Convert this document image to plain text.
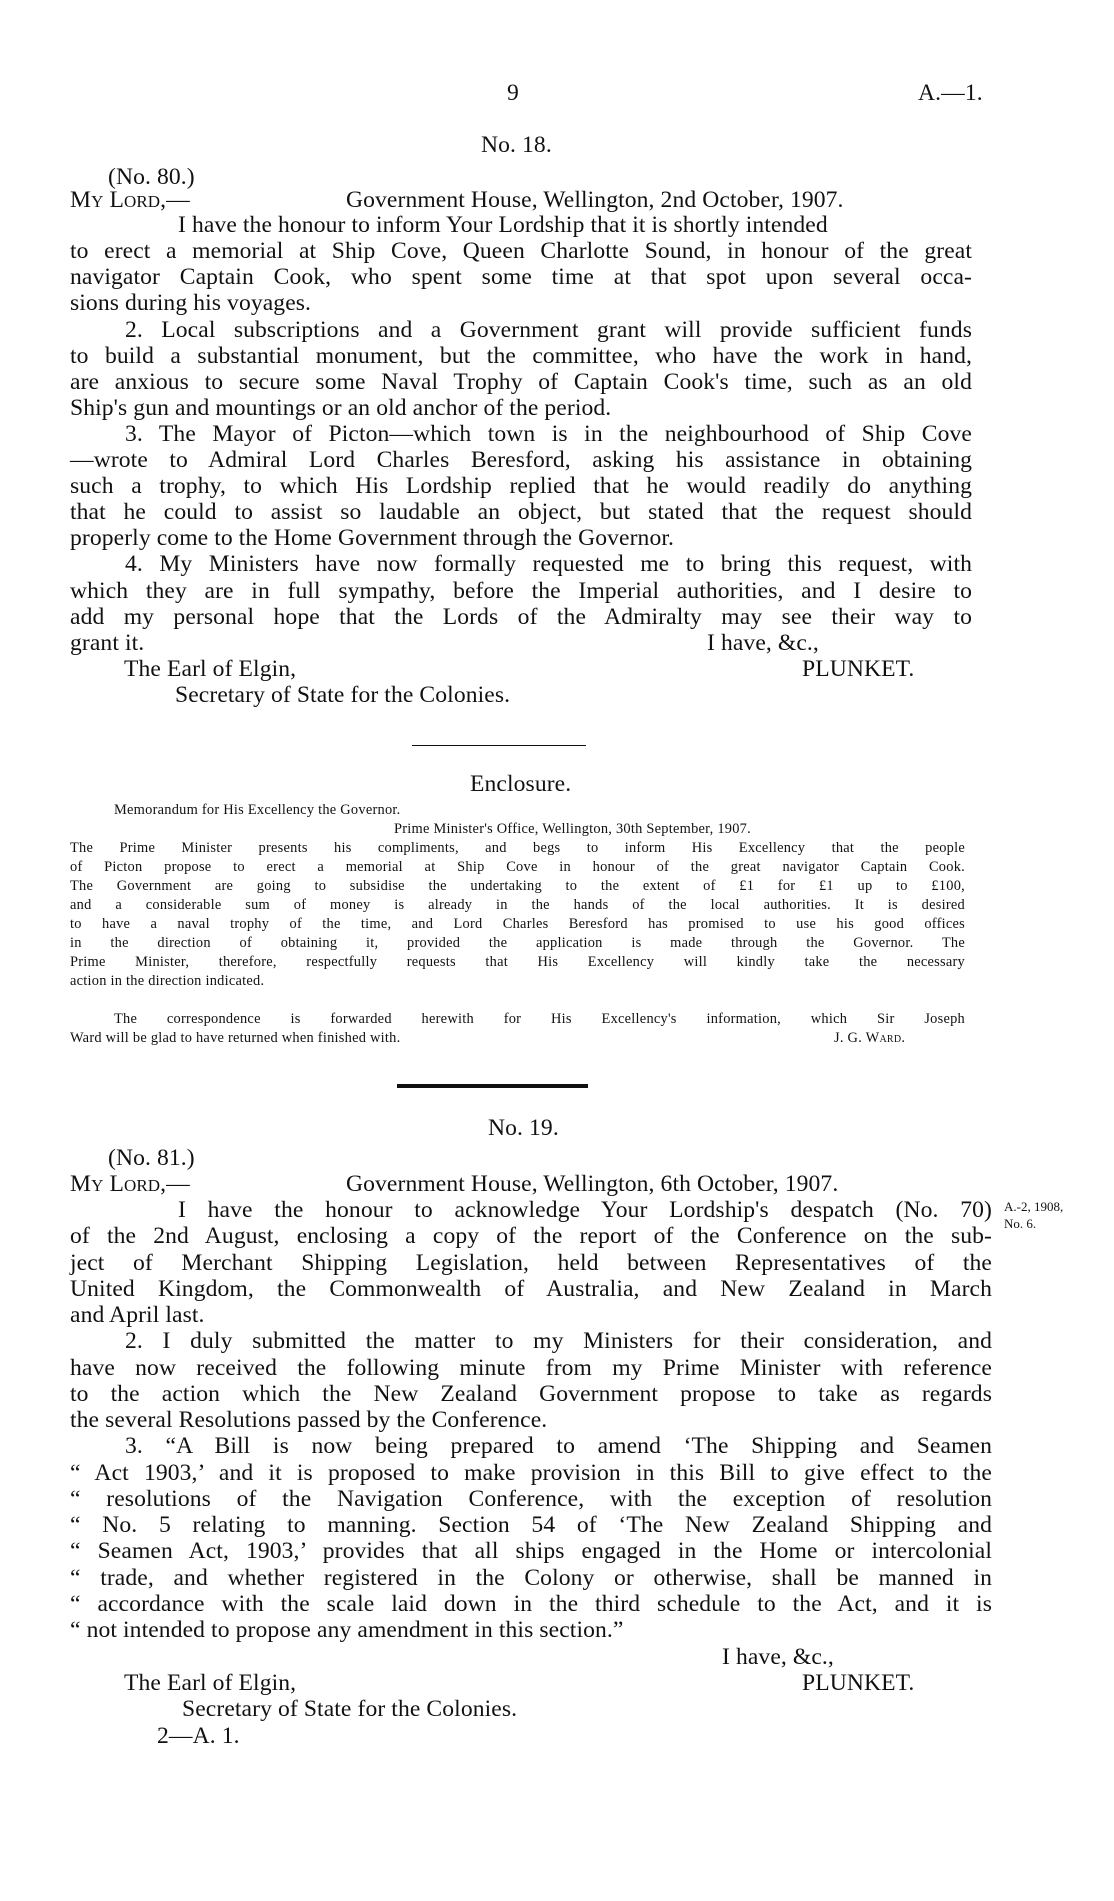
9	A.—1.
No. 18.
(No. 80.)
My Lord,—	Government House, Wellington, 2nd October, 1907.
I have the honour to inform Your Lordship that it is shortly intended
to erect a memorial at Ship Cove, Queen Charlotte Sound, in honour of the great
navigator Captain Cook, who spent some time at that spot upon several occa-
sions during his voyages.
2. Local subscriptions and a Government grant will provide sufficient funds
to build a substantial monument, but the committee, who have the work in hand,
are anxious to secure some Naval Trophy of Captain Cook's time, such as an old
Ship's gun and mountings or an old anchor of the period.
3. The Mayor of Picton—which town is in the neighbourhood of Ship Cove
—wrote to Admiral Lord Charles Beresford, asking his assistance in obtaining
such a trophy, to which His Lordship replied that he would readily do anything
that he could to assist so laudable an object, but stated that the request should
properly come to the Home Government through the Governor.
4. My Ministers have now formally requested me to bring this request, with
which they are in full sympathy, before the Imperial authorities, and I desire to
add my personal hope that the Lords of the Admiralty may see their way to
grant it.	I have, &c.,
The Earl of Elgin,	PLUNKET.
Secretary of State for the Colonies.
Enclosure.
Memorandum for His Excellency the Governor.
Prime Minister's Office, Wellington, 30th September, 1907.
The Prime Minister presents his compliments, and begs to inform His Excellency that the people
of Picton propose to erect a memorial at Ship Cove in honour of the great navigator Captain Cook.
The Government are going to subsidise the undertaking to the extent of £1 for £1 up to £100,
and a considerable sum of money is already in the hands of the local authorities. It is desired
to have a naval trophy of the time, and Lord Charles Beresford has promised to use his good offices
in the direction of obtaining it, provided the application is made through the Governor. The
Prime Minister, therefore, respectfully requests that His Excellency will kindly take the necessary
action in the direction indicated.
The correspondence is forwarded herewith for His Excellency's information, which Sir Joseph
Ward will be glad to have returned when finished with.	J. G. Ward.
No. 19.
(No. 81.)
My Lord,—	Government House, Wellington, 6th October, 1907.
A.-2, 1908,
No. 6.
I have the honour to acknowledge Your Lordship's despatch (No. 70)
of the 2nd August, enclosing a copy of the report of the Conference on the sub-
ject of Merchant Shipping Legislation, held between Representatives of the
United Kingdom, the Commonwealth of Australia, and New Zealand in March
and April last.
2. I duly submitted the matter to my Ministers for their consideration, and
have now received the following minute from my Prime Minister with reference
to the action which the New Zealand Government propose to take as regards
the several Resolutions passed by the Conference.
3. “A Bill is now being prepared to amend ‘The Shipping and Seamen
“ Act 1903,’ and it is proposed to make provision in this Bill to give effect to the
“ resolutions of the Navigation Conference, with the exception of resolution
“ No. 5 relating to manning. Section 54 of ‘The New Zealand Shipping and
“ Seamen Act, 1903,’ provides that all ships engaged in the Home or intercolonial
“ trade, and whether registered in the Colony or otherwise, shall be manned in
“ accordance with the scale laid down in the third schedule to the Act, and it is
“ not intended to propose any amendment in this section.”
I have, &c.,
The Earl of Elgin,	PLUNKET.
Secretary of State for the Colonies.
2—A. 1.
